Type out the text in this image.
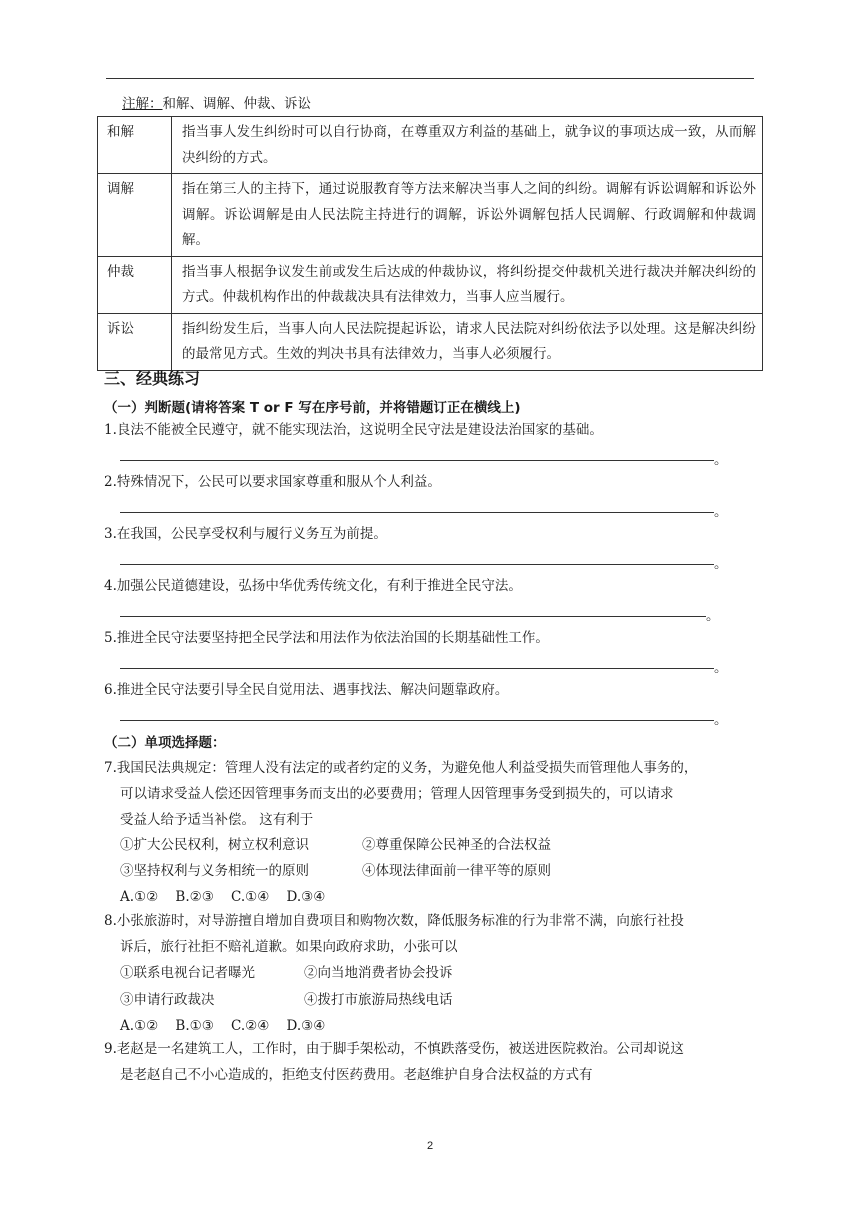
注解：和解、调解、仲裁、诉讼
和解	指当事人发生纠纷时可以自行协商，在尊重双方利益的基础上，就争议的事项达成一致，从而解决纠纷的方式。
调解	指在第三人的主持下，通过说服教育等方法来解决当事人之间的纠纷。调解有诉讼调解和诉讼外调解。诉讼调解是由人民法院主持进行的调解，诉讼外调解包括人民调解、行政调解和仲裁调解。
仲裁	指当事人根据争议发生前或发生后达成的仲裁协议，将纠纷提交仲裁机关进行裁决并解决纠纷的方式。仲裁机构作出的仲裁裁决具有法律效力，当事人应当履行。
诉讼	指纠纷发生后，当事人向人民法院提起诉讼，请求人民法院对纠纷依法予以处理。这是解决纠纷的最常见方式。生效的判决书具有法律效力，当事人必须履行。
三、经典练习
（一）判断题(请将答案 T or F 写在序号前，并将错题订正在横线上)
1.良法不能被全民遵守，就不能实现法治，这说明全民守法是建设法治国家的基础。
。
2.特殊情况下，公民可以要求国家尊重和服从个人利益。
。
3.在我国，公民享受权利与履行义务互为前提。
。
4.加强公民道德建设，弘扬中华优秀传统文化，有利于推进全民守法。
。
5.推进全民守法要坚持把全民学法和用法作为依法治国的长期基础性工作。
。
6.推进全民守法要引导全民自觉用法、遇事找法、解决问题靠政府。
。
（二）单项选择题：
7.我国民法典规定：管理人没有法定的或者约定的义务，为避免他人利益受损失而管理他人事务的，
可以请求受益人偿还因管理事务而支出的必要费用；管理人因管理事务受到损失的，可以请求
受益人给予适当补偿。 这有利于
①扩大公民权利，树立权利意识	②尊重保障公民神圣的合法权益
③坚持权利与义务相统一的原则	④体现法律面前一律平等的原则
A.①②    B.②③    C.①④    D.③④
8.小张旅游时，对导游擅自增加自费项目和购物次数，降低服务标准的行为非常不满，向旅行社投
诉后，旅行社拒不赔礼道歉。如果向政府求助，小张可以
①联系电视台记者曝光	②向当地消费者协会投诉
③申请行政裁决	④拨打市旅游局热线电话
A.①②    B.①③    C.②④    D.③④
9.老赵是一名建筑工人，工作时，由于脚手架松动，不慎跌落受伤，被送进医院救治。公司却说这
是老赵自己不小心造成的，拒绝支付医药费用。老赵维护自身合法权益的方式有
2
